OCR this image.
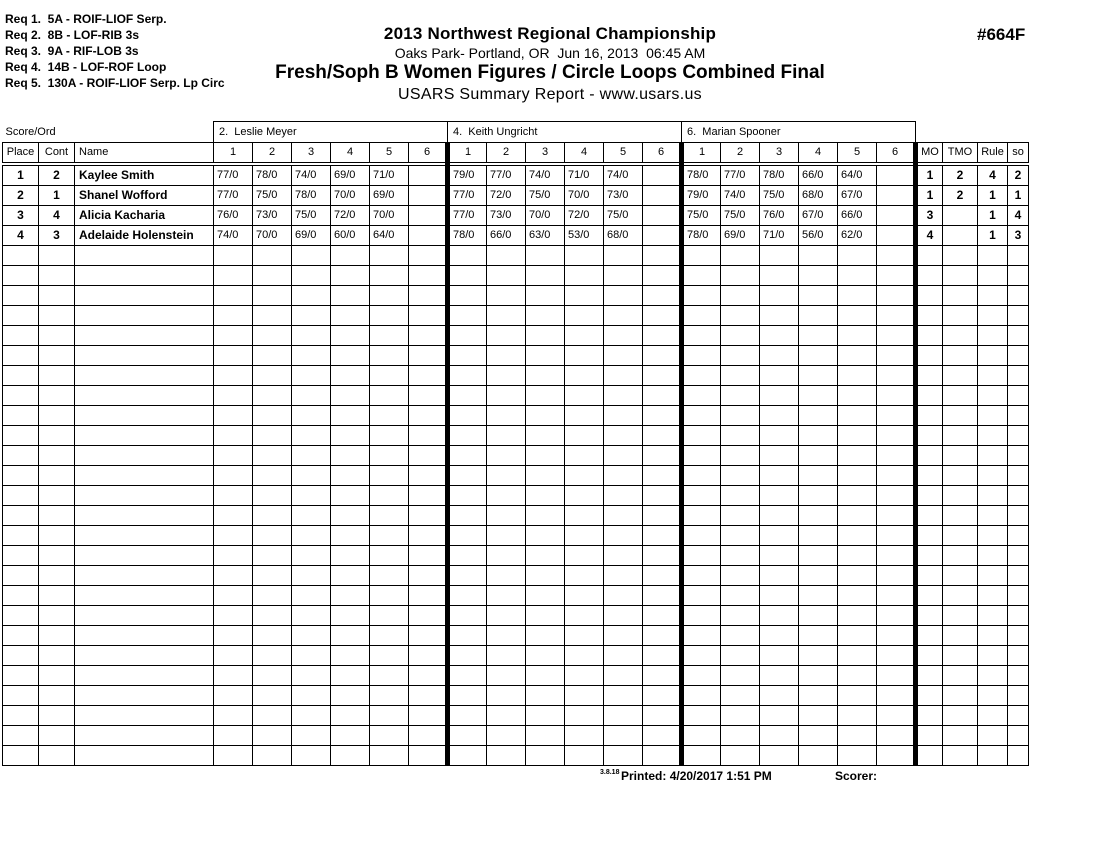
Req 1.  5A - ROIF-LIOF Serp.
Req 2.  8B - LOF-RIB 3s
Req 3.  9A - RIF-LOB 3s
Req 4.  14B - LOF-ROF Loop
Req 5.  130A - ROIF-LIOF Serp. Lp Circ
2013 Northwest Regional Championship
Oaks Park- Portland, OR  Jun 16, 2013  06:45 AM
Fresh/Soph B Women Figures / Circle Loops Combined Final
USARS Summary Report - www.usars.us
#664F
Score/Ord			2.  Leslie Meyer						4.  Keith Ungricht						6.  Marian Spooner									
Place	Cont	Name	1	2	3	4	5	6	1	2	3	4	5	6	1	2	3	4	5	6	MO	TMO	Rule	so
1	2	Kaylee Smith	77/0	78/0	74/0	69/0	71/0		79/0	77/0	74/0	71/0	74/0		78/0	77/0	78/0	66/0	64/0		1	2	4	2
2	1	Shanel Wofford	77/0	75/0	78/0	70/0	69/0		77/0	72/0	75/0	70/0	73/0		79/0	74/0	75/0	68/0	67/0		1	2	1	1
3	4	Alicia Kacharia	76/0	73/0	75/0	72/0	70/0		77/0	73/0	70/0	72/0	75/0		75/0	75/0	76/0	67/0	66/0		3		1	4
4	3	Adelaide Holenstein	74/0	70/0	69/0	60/0	64/0		78/0	66/0	63/0	53/0	68/0		78/0	69/0	71/0	56/0	62/0		4		1	3

3.8.18 Printed: 4/20/2017 1:51 PM	Scorer:
